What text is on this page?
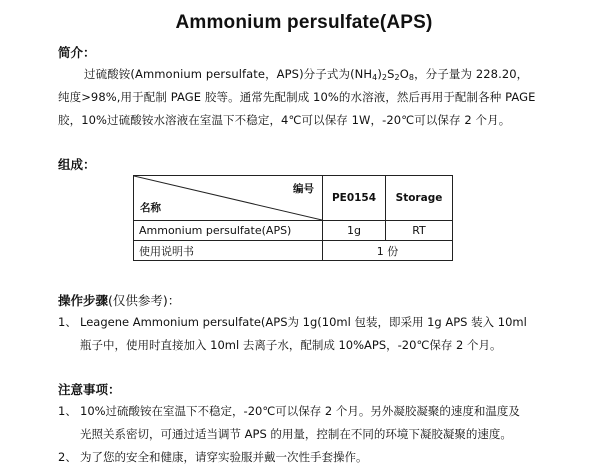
Ammonium persulfate(APS)
简介：
过硫酸铵(Ammonium persulfate，APS)分子式为$(NH_4)_2S_2O_8$，分子量为 228.20，
纯度>98%,用于配制 PAGE 胶等。通常先配制成 10%的水溶液，然后再用于配制各种 PAGE
胶，10%过硫酸铵水溶液在室温下不稳定，4℃可以保存 1W，-20℃可以保存 2 个月。
组成：
编号
名称	PE0154	Storage
Ammonium persulfate(APS)	1g	RT
使用说明书	1 份	
操作步骤(仅供参考)：
1、 Leagene Ammonium persulfate(APS为 1g(10ml 包装，即采用 1g APS 装入 10ml
瓶子中，使用时直接加入 10ml 去离子水，配制成 10%APS，-20℃保存 2 个月。
注意事项：
1、 10%过硫酸铵在室温下不稳定，-20℃可以保存 2 个月。另外凝胶凝聚的速度和温度及
光照关系密切，可通过适当调节 APS 的用量，控制在不同的环境下凝胶凝聚的速度。
2、 为了您的安全和健康，请穿实验服并戴一次性手套操作。
